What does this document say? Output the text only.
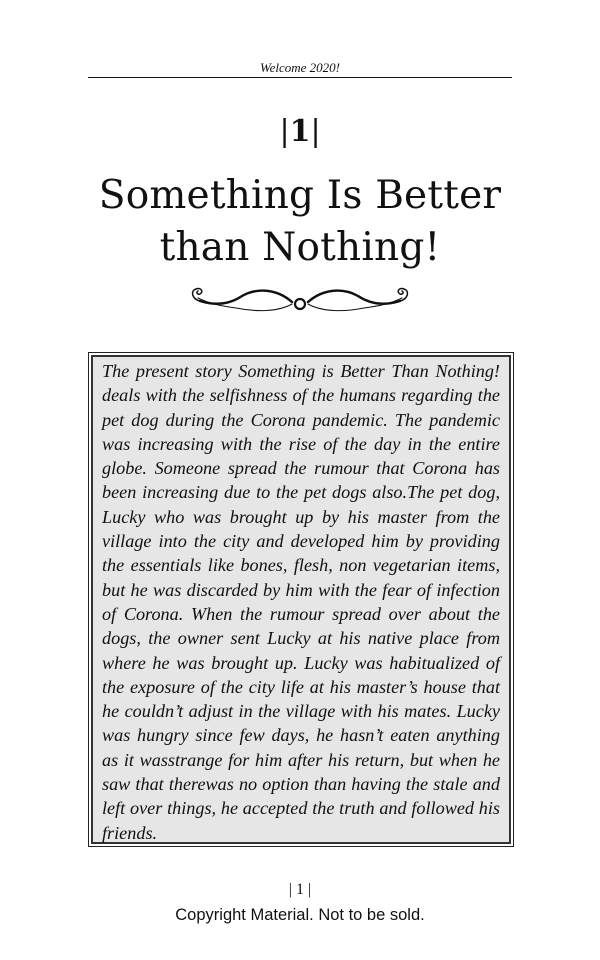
Welcome 2020!
|1|
Something Is Better than Nothing!

The present story Something is Better Than Nothing! deals with the selfishness of the humans regarding the pet dog during the Corona pandemic. The pandemic was increasing with the rise of the day in the entire globe. Someone spread the rumour that Corona has been increasing due to the pet dogs also.The pet dog, Lucky who was brought up by his master from the village into the city and developed him by providing the essentials like bones, flesh, non vegetarian items, but he was discarded by him with the fear of infection of Corona. When the rumour spread over about the dogs, the owner sent Lucky at his native place from where he was brought up. Lucky was habitualized of the exposure of the city life at his master’s house that he couldn’t adjust in the village with his mates. Lucky was hungry since few days, he hasn’t eaten anything as it wasstrange for him after his return, but when he saw that therewas no option than having the stale and left over things, he accepted the truth and followed his friends.

| 1 |
Copyright Material. Not to be sold.
